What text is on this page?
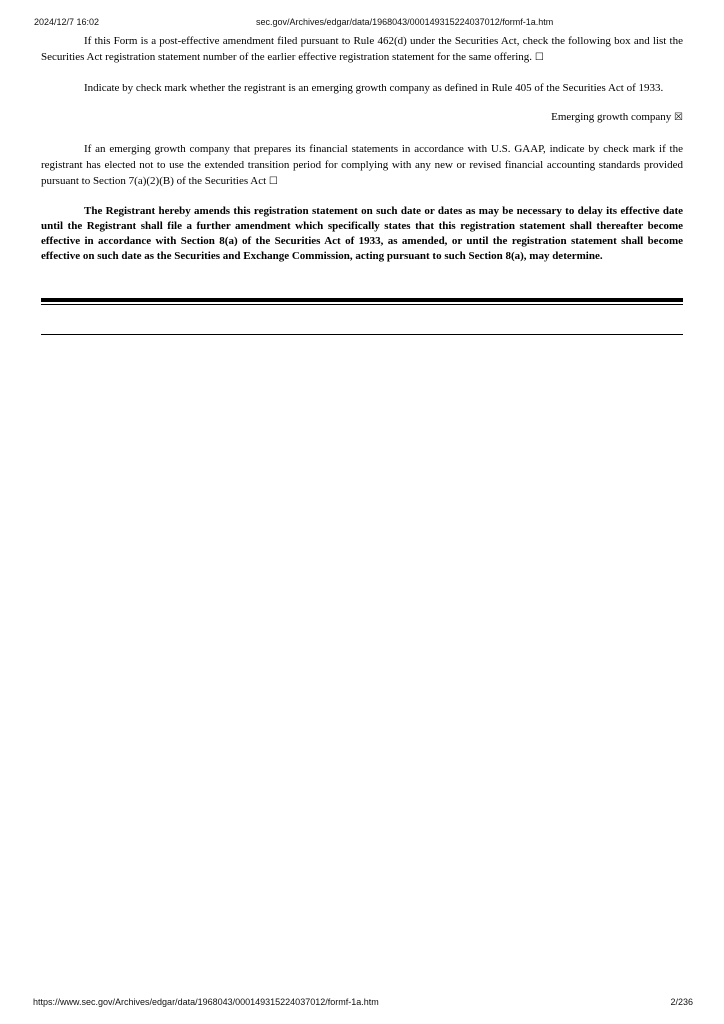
2024/12/7 16:02	sec.gov/Archives/edgar/data/1968043/000149315224037012/formf-1a.htm

If this Form is a post-effective amendment filed pursuant to Rule 462(d) under the Securities Act, check the following box and list the Securities Act registration statement number of the earlier effective registration statement for the same offering. ☐

Indicate by check mark whether the registrant is an emerging growth company as defined in Rule 405 of the Securities Act of 1933.

Emerging growth company ☒

If an emerging growth company that prepares its financial statements in accordance with U.S. GAAP, indicate by check mark if the registrant has elected not to use the extended transition period for complying with any new or revised financial accounting standards provided pursuant to Section 7(a)(2)(B) of the Securities Act ☐

The Registrant hereby amends this registration statement on such date or dates as may be necessary to delay its effective date until the Registrant shall file a further amendment which specifically states that this registration statement shall thereafter become effective in accordance with Section 8(a) of the Securities Act of 1933, as amended, or until the registration statement shall become effective on such date as the Securities and Exchange Commission, acting pursuant to such Section 8(a), may determine.

https://www.sec.gov/Archives/edgar/data/1968043/000149315224037012/formf-1a.htm	2/236
